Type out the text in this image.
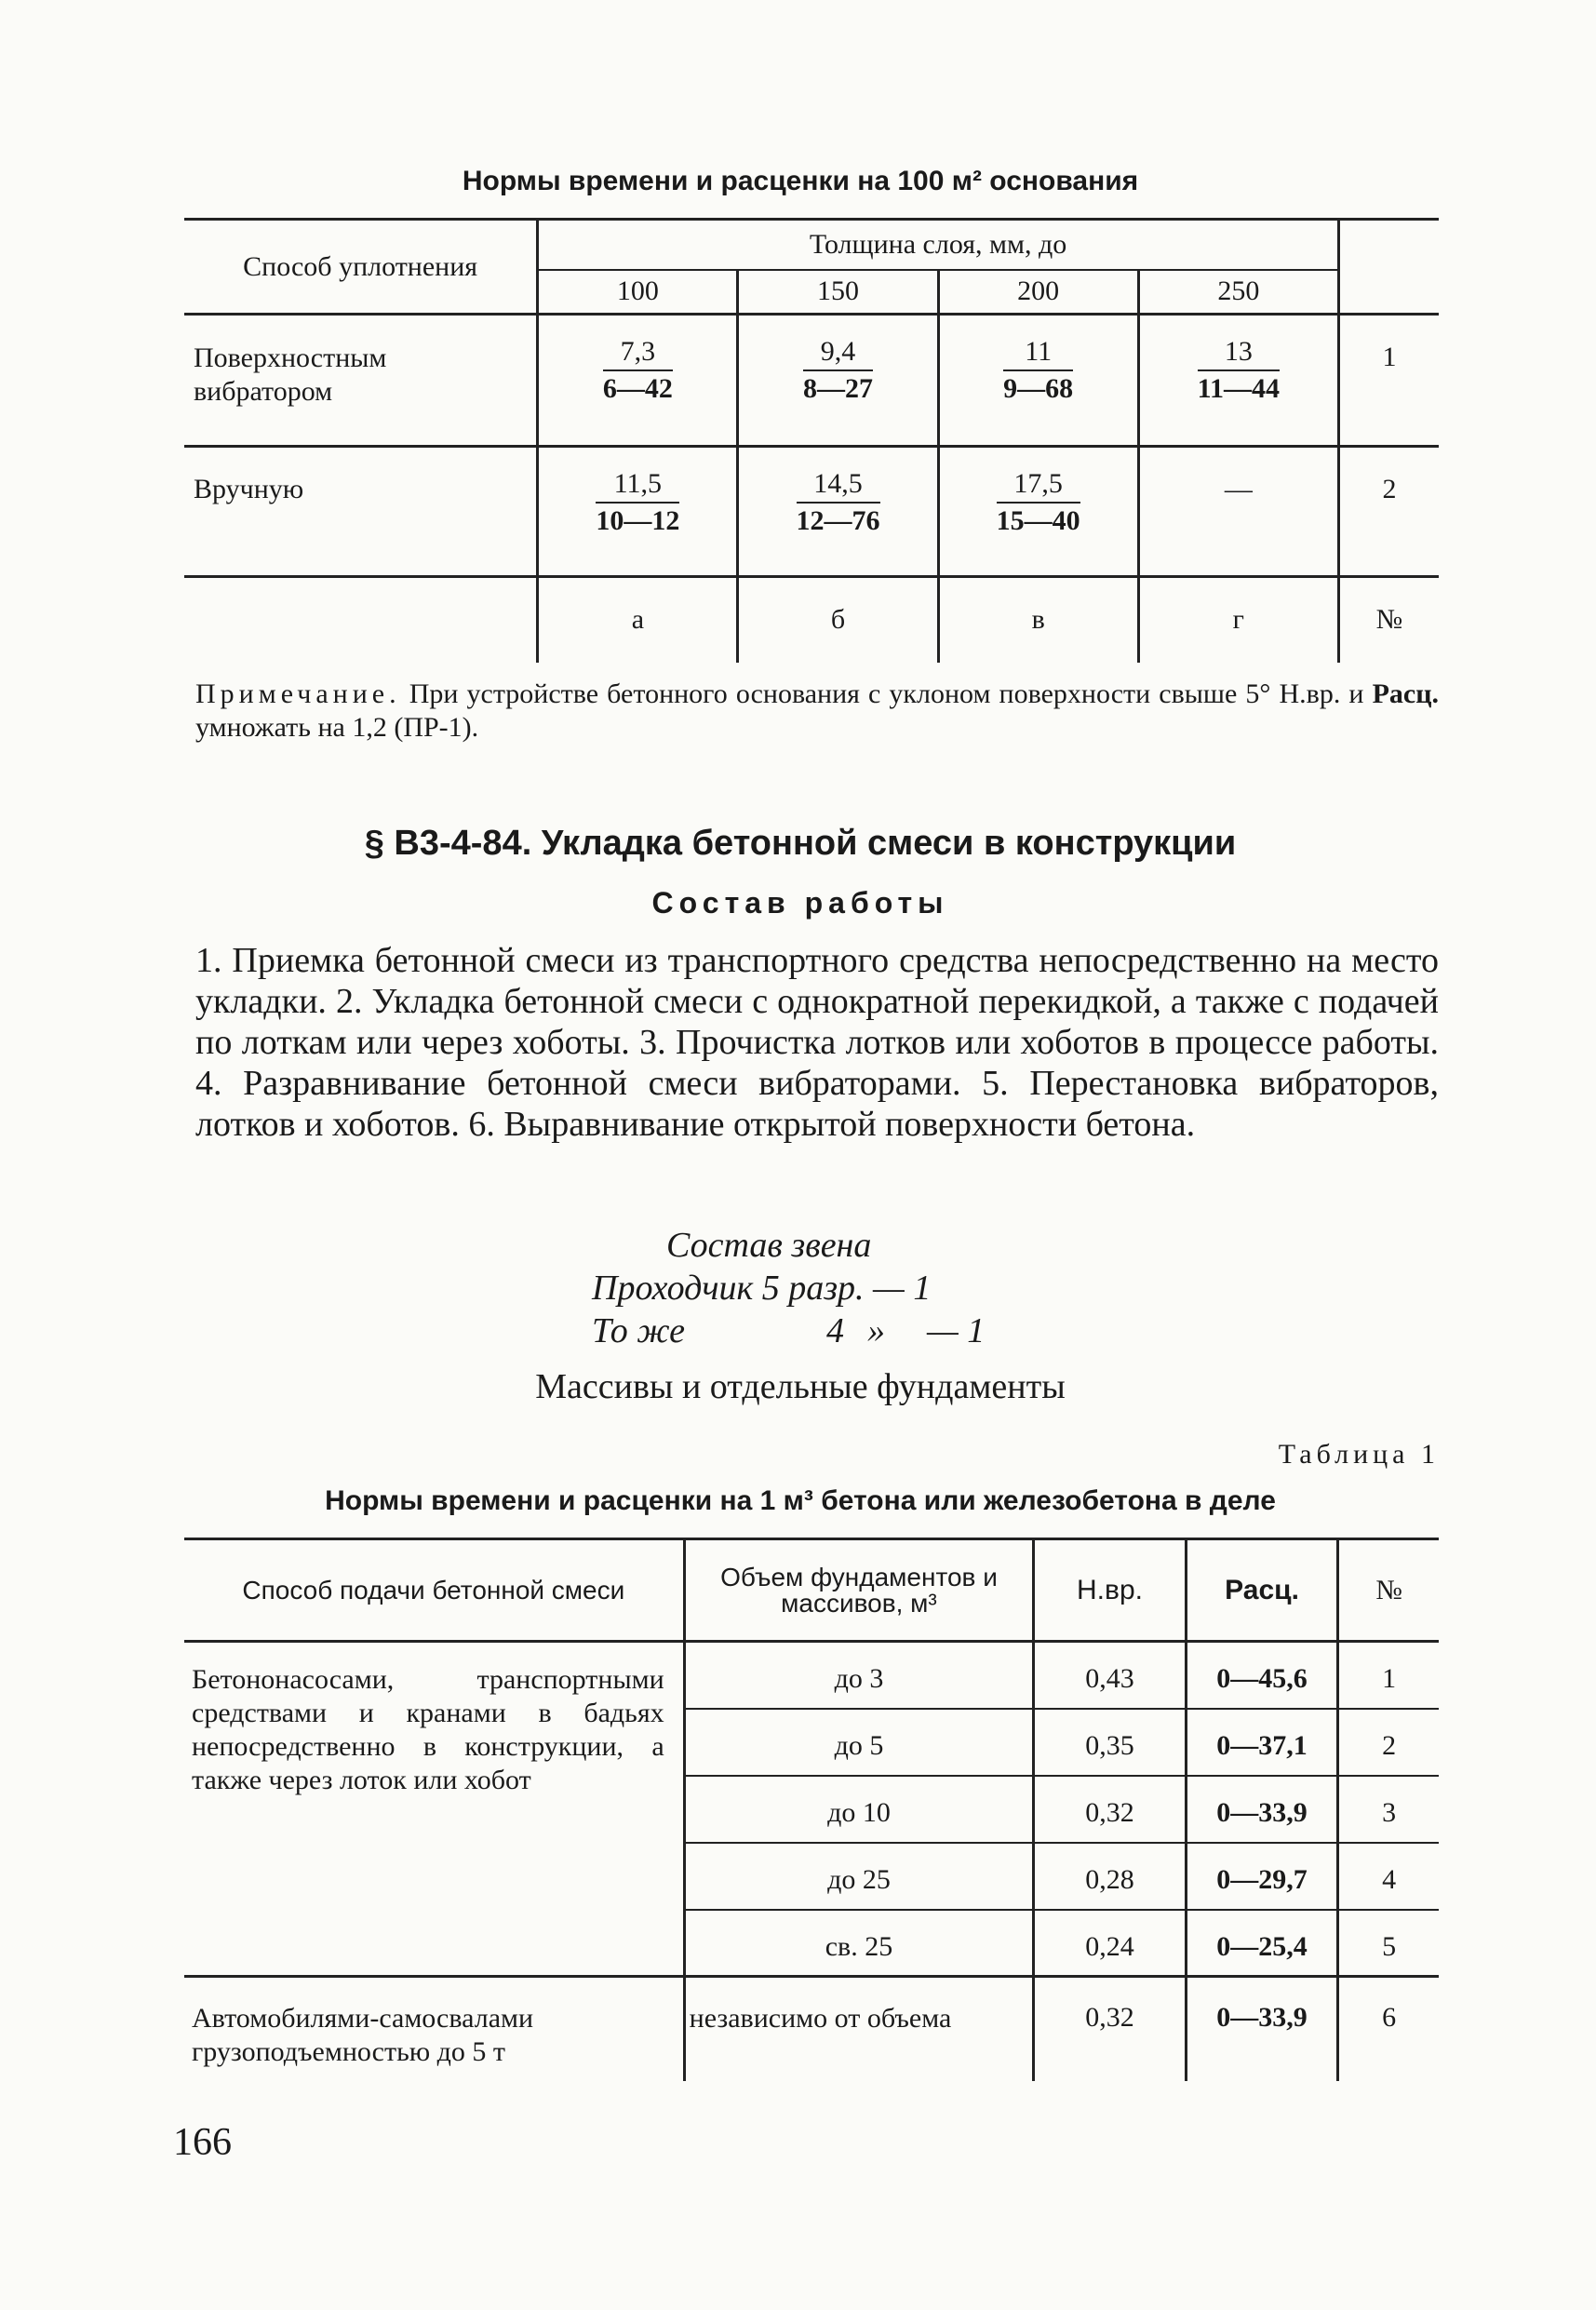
Нормы времени и расценки на 100 м² основания
Способ уплотнения	Толщина слоя, мм, до				
	100	150	200	250	
Поверхностным вибратором	$\frac{7,3}{6—42}$	$\frac{9,4}{8—27}$	$\frac{11}{9—68}$	$\frac{13}{11—44}$	1
Вручную	$\frac{11,5}{10—12}$	$\frac{14,5}{12—76}$	$\frac{17,5}{15—40}$	—	2
	а	б	в	г	№
Примечание. При устройстве бетонного основания с уклоном поверхности свыше 5° Н.вр. и Расц. умножать на 1,2 (ПР-1).
§ В3-4-84. Укладка бетонной смеси в конструкции
Состав работы
1. Приемка бетонной смеси из транспортного средства непосредственно на место укладки. 2. Укладка бетонной смеси с однократной перекидкой, а также с подачей по лоткам или через хоботы. 3. Прочистка лотков или хоботов в процессе работы. 4. Разравнивание бетонной смеси вибраторами. 5. Перестановка вибраторов, лотков и хоботов. 6. Выравнивание открытой поверхности бетона.
Состав звена
Проходчик 5 разр. — 1
То же	4 » — 1
Массивы и отдельные фундаменты
Таблица 1
Нормы времени и расценки на 1 м³ бетона или железобетона в деле
Способ подачи бетонной смеси	Объем фундаментов и массивов, м³	Н.вр.	Расц.	№
Бетононасосами, транспортными средствами и кранами в бадьях непосредственно в конструкции, а также через лоток или хобот	до 3	0,43	0—45,6	1
	до 5	0,35	0—37,1	2
	до 10	0,32	0—33,9	3
	до 25	0,28	0—29,7	4
	св. 25	0,24	0—25,4	5
Автомобилями-самосвалами грузоподъемностью до 5 т	независимо от объема	0,32	0—33,9	6
166
